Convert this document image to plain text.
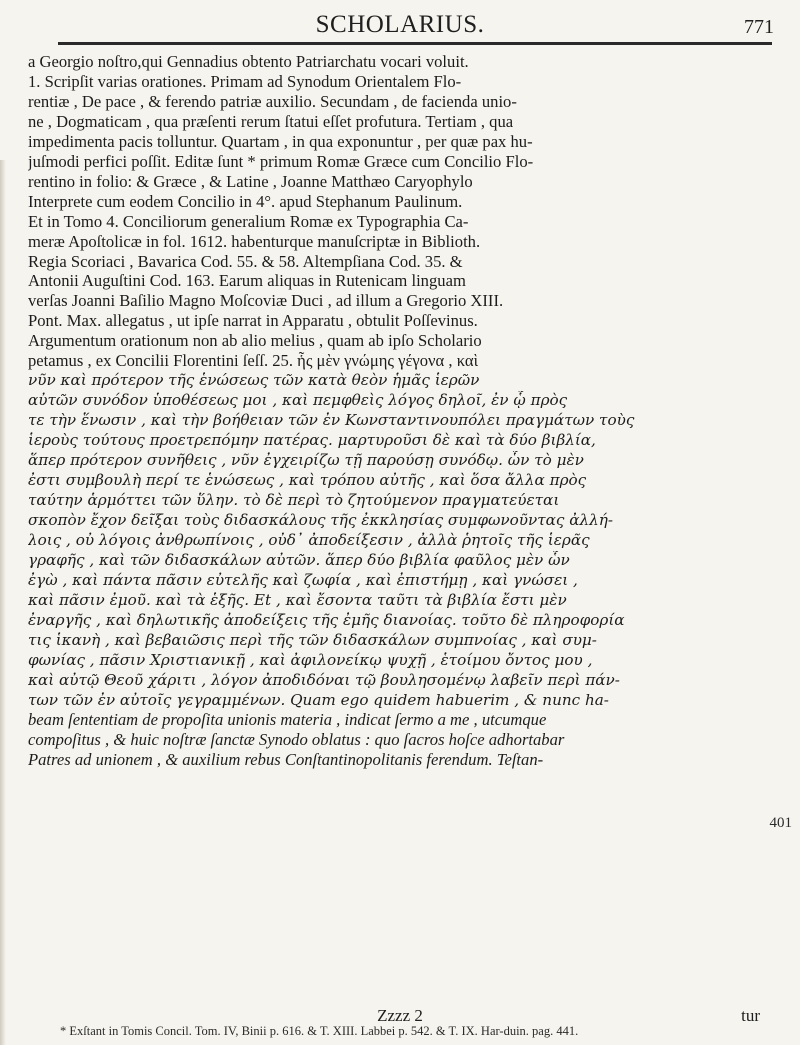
SCHOLARIUS.	771
a Georgio noſtro,qui Gennadius obtento Patriarchatu vocari voluit.
1. Scripſit varias orationes. Primam ad Synodum Orientalem Flo-
rentiæ , De pace , & ferendo patriæ auxilio. Secundam , de facienda unio-
ne , Dogmaticam , qua præſenti rerum ſtatui eſſet profutura. Tertiam , qua
impedimenta pacis tolluntur. Quartam , in qua exponuntur , per quæ pax hu-
juſmodi perfici poſſit. Editæ ſunt * primum Romæ Græce cum Concilio Flo-
rentino in folio: & Græce , & Latine , Joanne Matthæo Caryophylo
Interprete cum eodem Concilio in 4°. apud Stephanum Paulinum.
Et in Tomo 4. Conciliorum generalium Romæ ex Typographia Ca-
meræ Apoſtolicæ in fol. 1612. habenturque manuſcriptæ in Biblioth.
Regia Scoriaci , Bavarica Cod. 55. & 58. Altempſiana Cod. 35. &
Antonii Auguſtini Cod. 163. Earum aliquas in Rutenicam linguam
verſas Joanni Baſilio Magno Moſcoviæ Duci , ad illum a Gregorio XIII.
Pont. Max. allegatus , ut ipſe narrat in Apparatu , obtulit Poſſevinus.
Argumentum orationum non ab alio melius , quam ab ipſo Scholario
petamus , ex Concilii Florentini ſeſſ. 25. ἧς μὲν γνώμης γέγονα , καὶ
νῦν καὶ πρότερον τῆς ἑνώσεως τῶν κατὰ θεὸν ἡμᾶς ἱερῶν
αὐτῶν συνόδον ὑποθέσεως μοι , καὶ πεμφθεὶς λόγος δηλοῖ, ἐν ᾧ πρὸς
τε τὴν ἕνωσιν , καὶ τὴν βοήθειαν τῶν ἐν Κωνσταντινουπόλει πραγμάτων τοὺς
ἱεροὺς τούτους προετρεπόμην πατέρας. μαρτυροῦσι δὲ καὶ τὰ δύο βιβλία,
ἅπερ πρότερον συνῆθεις , νῦν ἐγχειρίζω τῇ παρούσῃ συνόδῳ. ὧν τὸ μὲν
ἐστι συμβουλὴ περί τε ἑνώσεως , καὶ τρόπου αὐτῆς , καὶ ὅσα ἄλλα πρὸς
ταύτην ἁρμόττει τῶν ὕλην. τὸ δὲ περὶ τὸ ζητούμενον πραγματεύεται
σκοπὸν ἔχον δεῖξαι τοὺς διδασκάλους τῆς ἐκκλησίας συμφωνοῦντας ἀλλή-
λοις , οὐ λόγοις ἀνθρωπίνοις , οὐδ᾽ ἀποδείξεσιν , ἀλλὰ ῥητοῖς τῆς ἱερᾶς
γραφῆς , καὶ τῶν διδασκάλων αὐτῶν. ἅπερ δύο βιβλία φαῦλος μὲν ὧν
ἐγὼ , καὶ πάντα πᾶσιν εὐτελῆς καὶ ζωφία , καὶ ἐπιστήμῃ , καὶ γνώσει ,
καὶ πᾶσιν ἐμοῦ. καὶ τὰ ἑξῆς. Et , καὶ ἔσοντα ταῦτι τὰ βιβλία ἔστι μὲν
ἐναργῆς , καὶ δηλωτικῆς ἀποδείξεις τῆς ἐμῆς διανοίας. τοῦτο δὲ πληροφορία
τις ἱκανὴ , καὶ βεβαιῶσις περὶ τῆς τῶν διδασκάλων συμπνοίας , καὶ συμ-
φωνίας , πᾶσιν Χριστιανικῇ , καὶ ἀφιλονείκῳ ψυχῇ , ἑτοίμου ὄντος μου ,
καὶ αὐτῷ Θεοῦ χάριτι , λόγον ἀποδιδόναι τῷ βουλησομένῳ λαβεῖν περὶ πάν-
των τῶν ἐν αὐτοῖς γεγραμμένων. Quam ego quidem habuerim , & nunc ha-
beam ſententiam de propoſita unionis materia , indicat ſermo a me , utcumque
compoſitus , & huic noſtræ ſanctæ Synodo oblatus : quo ſacros hoſce adhortabar
Patres ad unionem , & auxilium rebus Conſtantinopolitanis ferendum. Teſtan-
401
Zzzz 2	tur
* Exſtant in Tomis Concil. Tom. IV, Binii p. 616. & T. XIII. Labbei p. 542. & T. IX. Har-duin. pag. 441.
